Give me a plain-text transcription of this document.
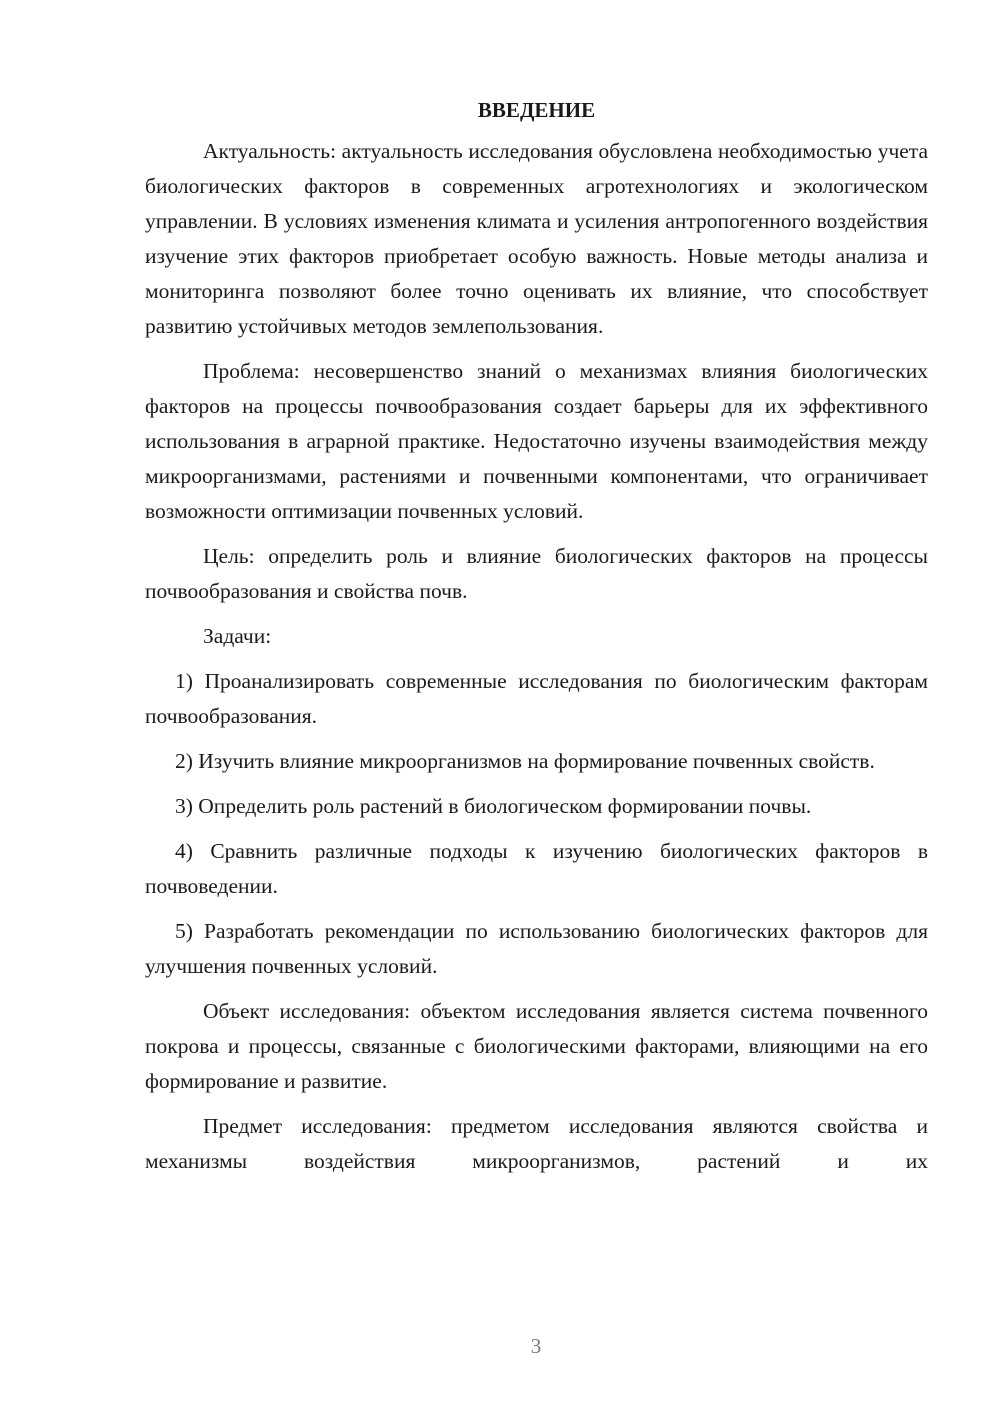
ВВЕДЕНИЕ

Актуальность: актуальность исследования обусловлена необходимостью учета биологических факторов в современных агротехнологиях и экологическом управлении. В условиях изменения климата и усиления антропогенного воздействия изучение этих факторов приобретает особую важность. Новые методы анализа и мониторинга позволяют более точно оценивать их влияние, что способствует развитию устойчивых методов землепользования.

Проблема: несовершенство знаний о механизмах влияния биологических факторов на процессы почвообразования создает барьеры для их эффективного использования в аграрной практике. Недостаточно изучены взаимодействия между микроорганизмами, растениями и почвенными компонентами, что ограничивает возможности оптимизации почвенных условий.

Цель: определить роль и влияние биологических факторов на процессы почвообразования и свойства почв.

Задачи:

1) Проанализировать современные исследования по биологическим факторам почвообразования.

2) Изучить влияние микроорганизмов на формирование почвенных свойств.

3) Определить роль растений в биологическом формировании почвы.

4) Сравнить различные подходы к изучению биологических факторов в почвоведении.

5) Разработать рекомендации по использованию биологических факторов для улучшения почвенных условий.

Объект исследования: объектом исследования является система почвенного покрова и процессы, связанные с биологическими факторами, влияющими на его формирование и развитие.

Предмет исследования: предметом исследования являются свойства и механизмы воздействия микроорганизмов, растений и их

3
